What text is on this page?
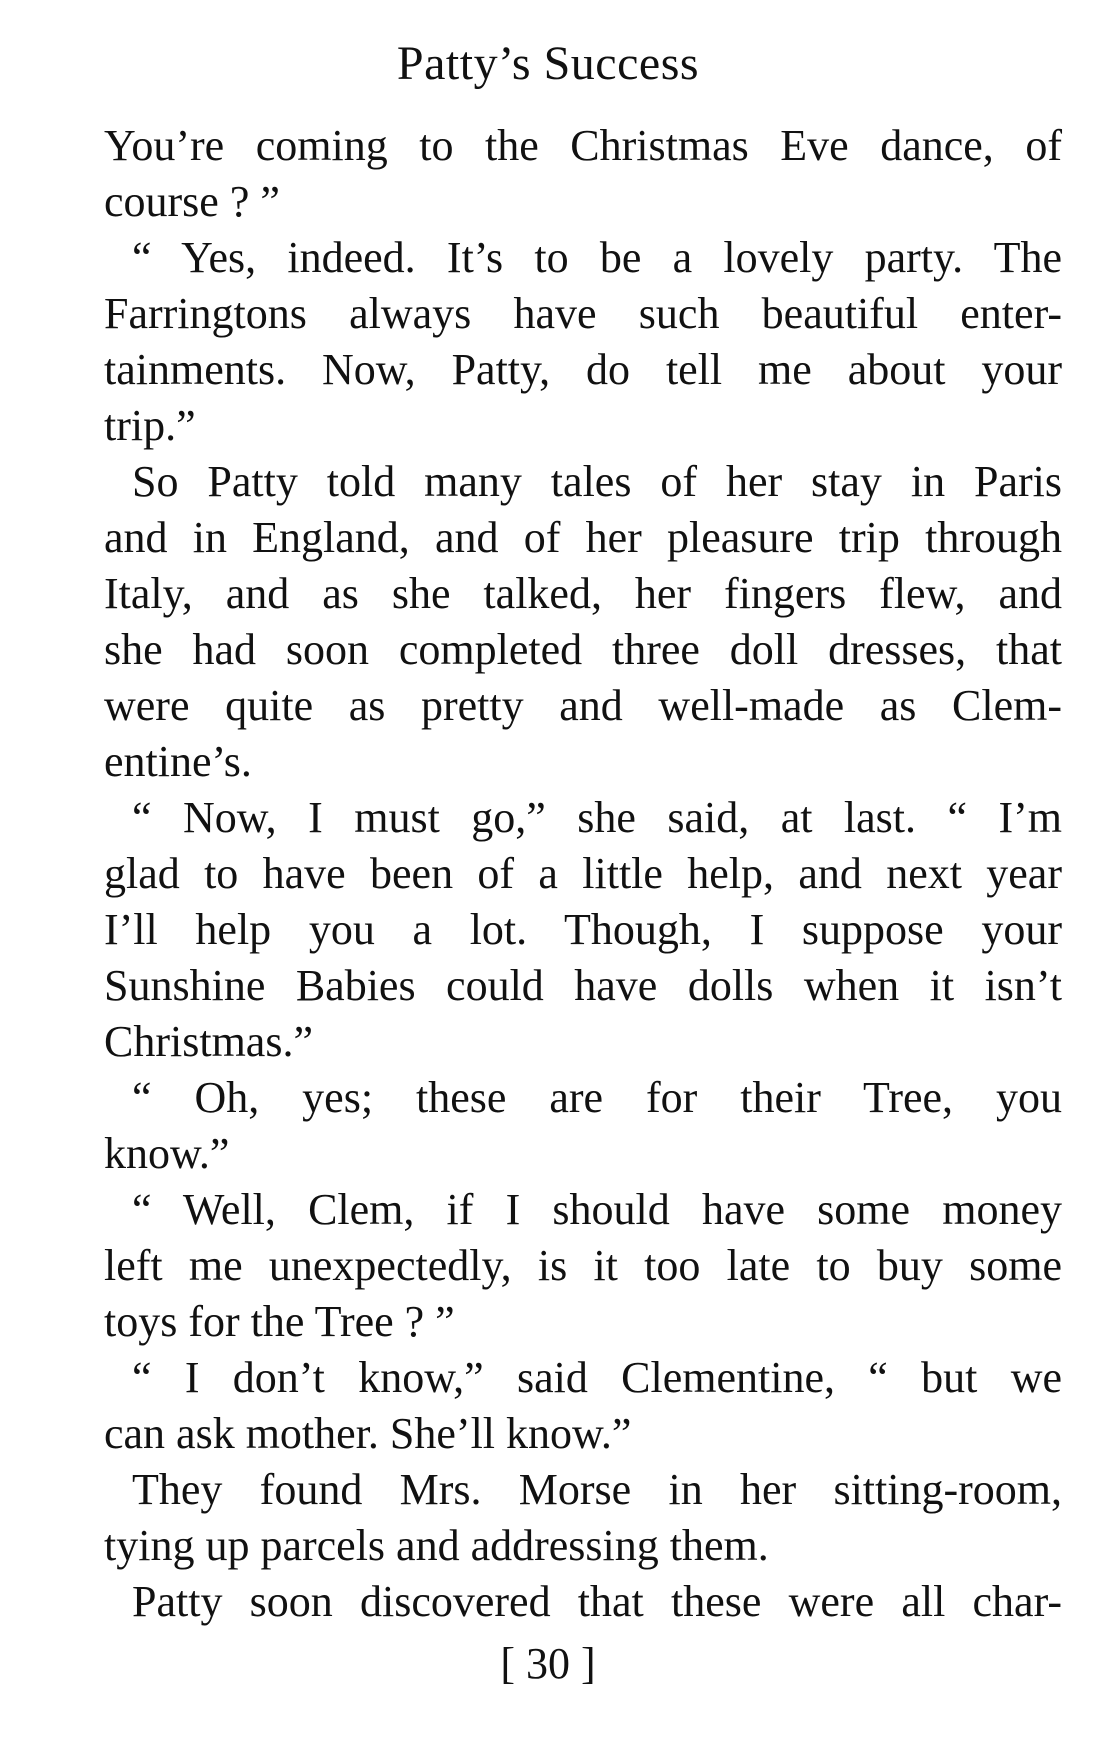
Patty’s Success
You’re coming to the Christmas Eve dance, of
course ? ”
“ Yes, indeed. It’s to be a lovely party. The
Farringtons always have such beautiful enter-
tainments. Now, Patty, do tell me about your
trip.”
So Patty told many tales of her stay in Paris
and in England, and of her pleasure trip through
Italy, and as she talked, her fingers flew, and
she had soon completed three doll dresses, that
were quite as pretty and well-made as Clem-
entine’s.
“ Now, I must go,” she said, at last. “ I’m
glad to have been of a little help, and next year
I’ll help you a lot. Though, I suppose your
Sunshine Babies could have dolls when it isn’t
Christmas.”
“ Oh, yes; these are for their Tree, you
know.”
“ Well, Clem, if I should have some money
left me unexpectedly, is it too late to buy some
toys for the Tree ? ”
“ I don’t know,” said Clementine, “ but we
can ask mother. She’ll know.”
They found Mrs. Morse in her sitting-room,
tying up parcels and addressing them.
Patty soon discovered that these were all char-
[ 30 ]
